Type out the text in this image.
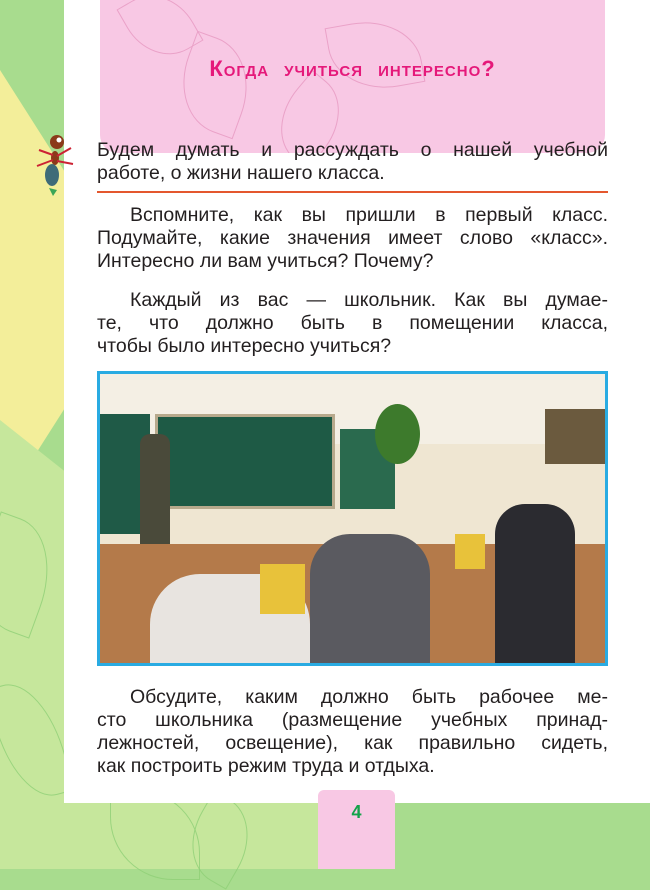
Когда учиться интересно?
Будем думать и рассуждать о нашей учебной
работе, о жизни нашего класса.
Вспомните, как вы пришли в первый класс.
Подумайте, какие значения имеет слово «класс».
Интересно ли вам учиться? Почему?
Каждый из вас — школьник. Как вы думае-
те, что должно быть в помещении класса,
чтобы было интересно учиться?
Обсудите, каким должно быть рабочее ме-
сто школьника (размещение учебных принад-
лежностей, освещение), как правильно сидеть,
как построить режим труда и отдыха.
4
